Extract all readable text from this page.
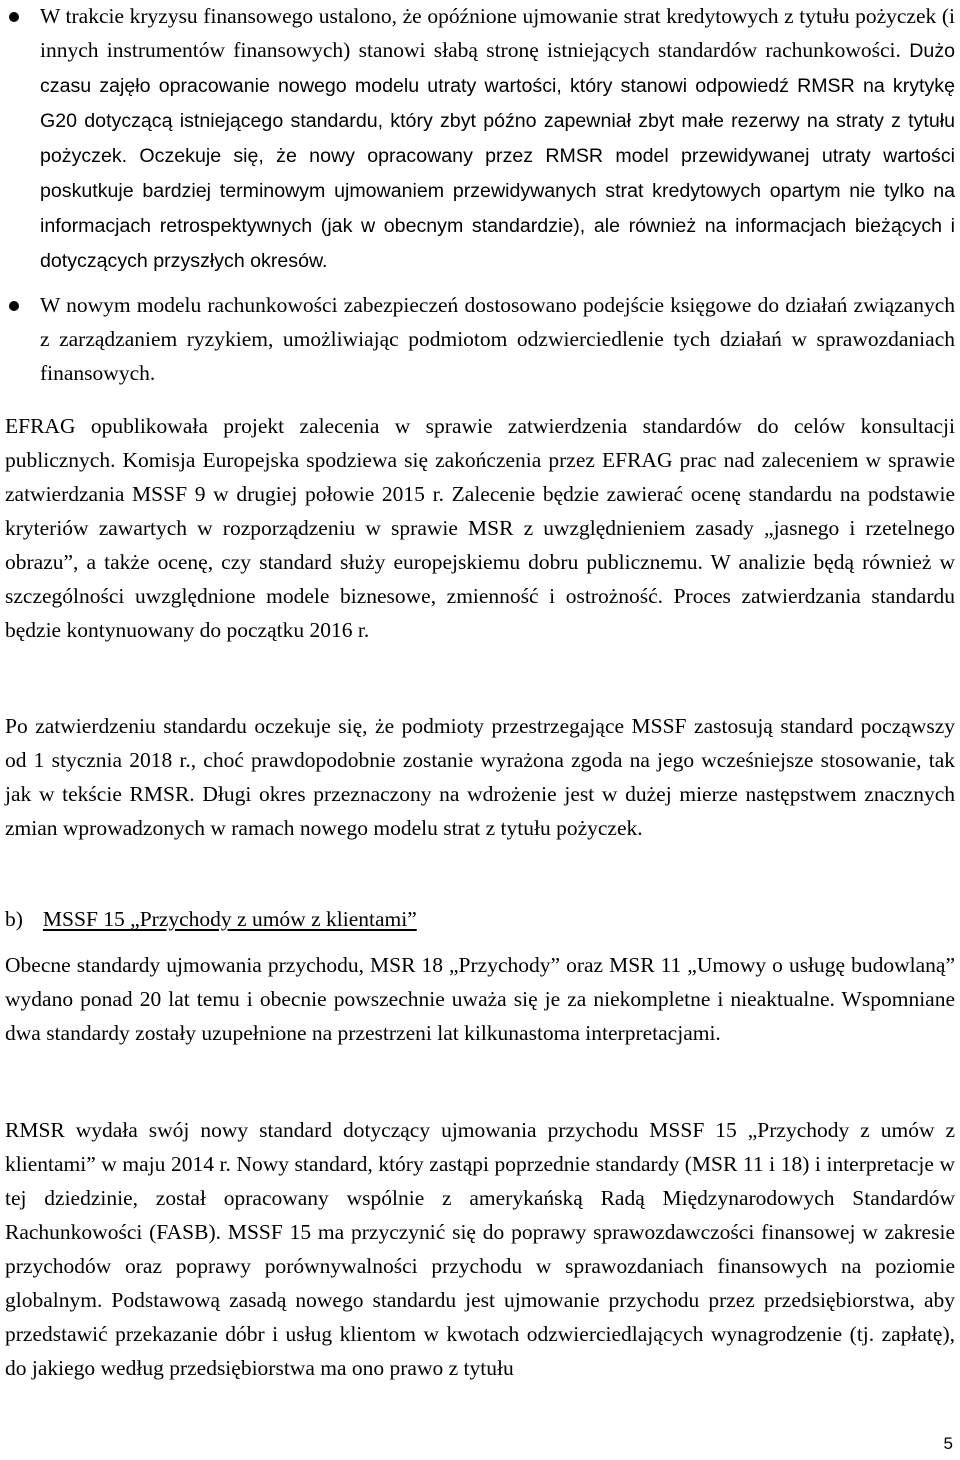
W trakcie kryzysu finansowego ustalono, że opóźnione ujmowanie strat kredytowych z tytułu pożyczek (i innych instrumentów finansowych) stanowi słabą stronę istniejących standardów rachunkowości. Dużo czasu zajęło opracowanie nowego modelu utraty wartości, który stanowi odpowiedź RMSR na krytykę G20 dotyczącą istniejącego standardu, który zbyt późno zapewniał zbyt małe rezerwy na straty z tytułu pożyczek. Oczekuje się, że nowy opracowany przez RMSR model przewidywanej utraty wartości poskutkuje bardziej terminowym ujmowaniem przewidywanych strat kredytowych opartym nie tylko na informacjach retrospektywnych (jak w obecnym standardzie), ale również na informacjach bieżących i dotyczących przyszłych okresów.

W nowym modelu rachunkowości zabezpieczeń dostosowano podejście księgowe do działań związanych z zarządzaniem ryzykiem, umożliwiając podmiotom odzwierciedlenie tych działań w sprawozdaniach finansowych.

EFRAG opublikowała projekt zalecenia w sprawie zatwierdzenia standardów do celów konsultacji publicznych. Komisja Europejska spodziewa się zakończenia przez EFRAG prac nad zaleceniem w sprawie zatwierdzania MSSF 9 w drugiej połowie 2015 r. Zalecenie będzie zawierać ocenę standardu na podstawie kryteriów zawartych w rozporządzeniu w sprawie MSR z uwzględnieniem zasady „jasnego i rzetelnego obrazu”, a także ocenę, czy standard służy europejskiemu dobru publicznemu. W analizie będą również w szczególności uwzględnione modele biznesowe, zmienność i ostrożność. Proces zatwierdzania standardu będzie kontynuowany do początku 2016 r.

Po zatwierdzeniu standardu oczekuje się, że podmioty przestrzegające MSSF zastosują standard począwszy od 1 stycznia 2018 r., choć prawdopodobnie zostanie wyrażona zgoda na jego wcześniejsze stosowanie, tak jak w tekście RMSR. Długi okres przeznaczony na wdrożenie jest w dużej mierze następstwem znacznych zmian wprowadzonych w ramach nowego modelu strat z tytułu pożyczek.

b) MSSF 15 „Przychody z umów z klientami”

Obecne standardy ujmowania przychodu, MSR 18 „Przychody” oraz MSR 11 „Umowy o usługę budowlaną” wydano ponad 20 lat temu i obecnie powszechnie uważa się je za niekompletne i nieaktualne. Wspomniane dwa standardy zostały uzupełnione na przestrzeni lat kilkunastoma interpretacjami.

RMSR wydała swój nowy standard dotyczący ujmowania przychodu MSSF 15 „Przychody z umów z klientami” w maju 2014 r. Nowy standard, który zastąpi poprzednie standardy (MSR 11 i 18) i interpretacje w tej dziedzinie, został opracowany wspólnie z amerykańską Radą Międzynarodowych Standardów Rachunkowości (FASB). MSSF 15 ma przyczynić się do poprawy sprawozdawczości finansowej w zakresie przychodów oraz poprawy porównywalności przychodu w sprawozdaniach finansowych na poziomie globalnym. Podstawową zasadą nowego standardu jest ujmowanie przychodu przez przedsiębiorstwa, aby przedstawić przekazanie dóbr i usług klientom w kwotach odzwierciedlających wynagrodzenie (tj. zapłatę), do jakiego według przedsiębiorstwa ma ono prawo z tytułu

5
